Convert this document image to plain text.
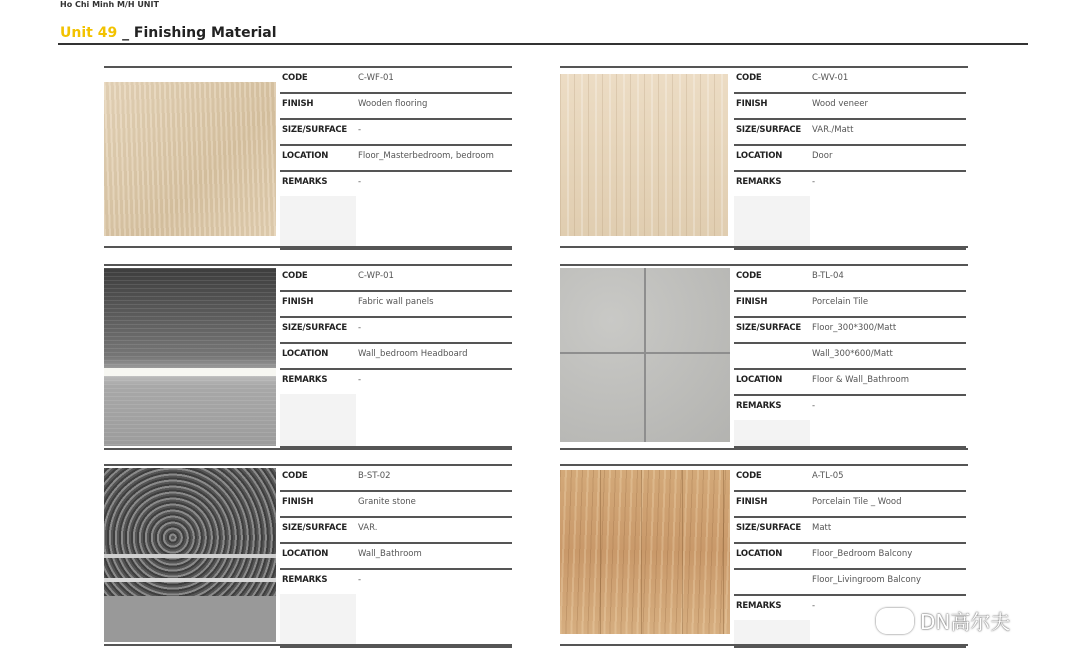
Ho Chi Minh M/H UNIT
Unit 49 _ Finishing Material
CODE	C-WF-01
FINISH	Wooden flooring
SIZE/SURFACE -
LOCATION	Floor_Masterbedroom, bedroom
REMARKS	-
CODE	C-WV-01
FINISH	Wood veneer
SIZE/SURFACE VAR./Matt
LOCATION	Door
REMARKS	-
CODE	C-WP-01
FINISH	Fabric wall panels
SIZE/SURFACE -
LOCATION	Wall_bedroom Headboard
REMARKS	-
CODE	B-TL-04
FINISH	Porcelain Tile
SIZE/SURFACE Floor_300*300/Matt
Wall_300*600/Matt
LOCATION	Floor & Wall_Bathroom
REMARKS	-
CODE	B-ST-02
FINISH	Granite stone
SIZE/SURFACE VAR.
LOCATION	Wall_Bathroom
REMARKS	-
CODE	A-TL-05
FINISH	Porcelain Tile _ Wood
SIZE/SURFACE Matt
LOCATION	Floor_Bedroom Balcony
Floor_Livingroom Balcony
REMARKS	-
DN高尔夫
